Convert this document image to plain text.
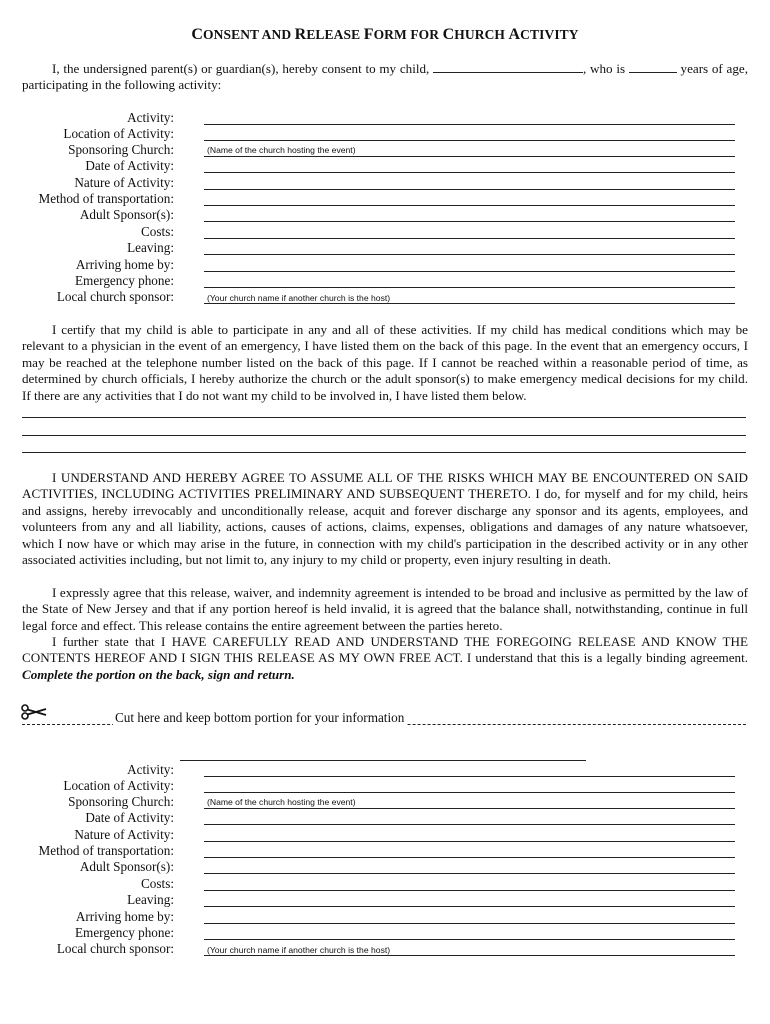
CONSENT AND RELEASE FORM FOR CHURCH ACTIVITY

I, the undersigned parent(s) or guardian(s), hereby consent to my child,	, who is	years of age, participating in the following activity:

Activity:
Location of Activity:
Sponsoring Church:	(Name of the church hosting the event)
Date of Activity:
Nature of Activity:
Method of transportation:
Adult Sponsor(s):
Costs:
Leaving:
Arriving home by:
Emergency phone:
Local church sponsor:	(Your church name if another church is the host)

I certify that my child is able to participate in any and all of these activities. If my child has medical conditions which may be relevant to a physician in the event of an emergency, I have listed them on the back of this page. In the event that an emergency occurs, I may be reached at the telephone number listed on the back of this page. If I cannot be reached within a reasonable period of time, as determined by church officials, I hereby authorize the church or the adult sponsor(s) to make emergency medical decisions for my child. If there are any activities that I do not want my child to be involved in, I have listed them below.

I UNDERSTAND AND HEREBY AGREE TO ASSUME ALL OF THE RISKS WHICH MAY BE ENCOUNTERED ON SAID ACTIVITIES, INCLUDING ACTIVITIES PRELIMINARY AND SUBSEQUENT THERETO. I do, for myself and for my child, heirs and assigns, hereby irrevocably and unconditionally release, acquit and forever discharge any sponsor and its agents, employees, and volunteers from any and all liability, actions, causes of actions, claims, expenses, obligations and damages of any nature whatsoever, which I now have or which may arise in the future, in connection with my child's participation in the described activity or in any other associated activities including, but not limit to, any injury to my child or property, even injury resulting in death.

I expressly agree that this release, waiver, and indemnity agreement is intended to be broad and inclusive as permitted by the law of the State of New Jersey and that if any portion hereof is held invalid, it is agreed that the balance shall, notwithstanding, continue in full legal force and effect. This release contains the entire agreement between the parties hereto.

I further state that I HAVE CAREFULLY READ AND UNDERSTAND THE FOREGOING RELEASE AND KNOW THE CONTENTS HEREOF AND I SIGN THIS RELEASE AS MY OWN FREE ACT. I understand that this is a legally binding agreement. Complete the portion on the back, sign and return.

Cut here and keep bottom portion for your information
Activity:
Location of Activity:
Sponsoring Church:	(Name of the church hosting the event)
Date of Activity:
Nature of Activity:
Method of transportation:
Adult Sponsor(s):
Costs:
Leaving:
Arriving home by:
Emergency phone:
Local church sponsor:	(Your church name if another church is the host)
